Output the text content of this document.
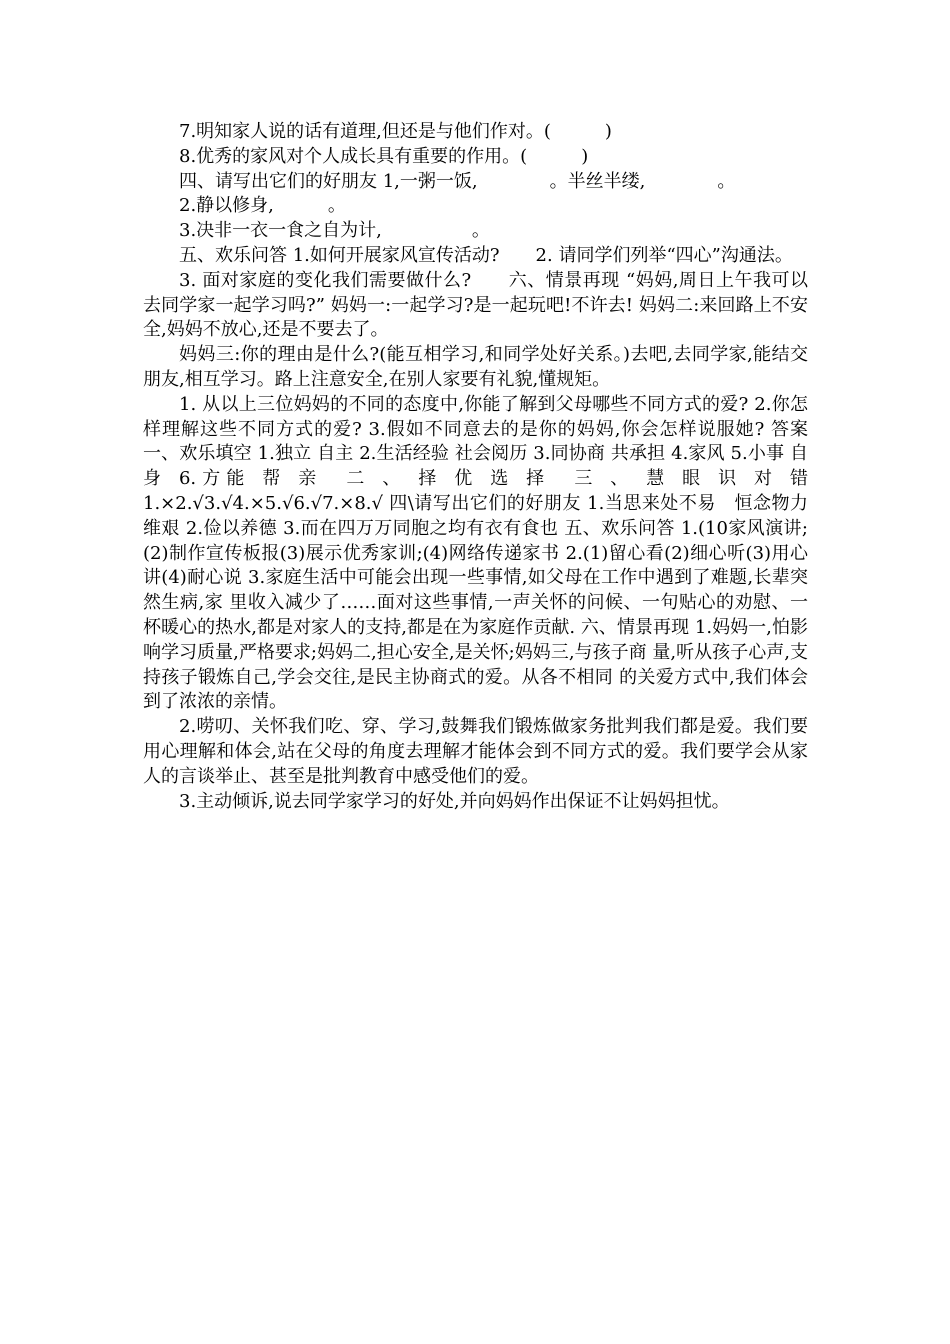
7.明知家人说的话有道理,但还是与他们作对。(　　　)

8.优秀的家风对个人成长具有重要的作用。(　　　)

四、请写出它们的好朋友 1,一粥一饭,　　　　。半丝半缕,　　　　。

2.静以修身,　　　。

3.决非一衣一食之自为计,　　　　　。

五、欢乐问答 1.如何开展家风宣传活动?　　2. 请同学们列举“四心”沟通法。

3. 面对家庭的变化我们需要做什么?　　六、情景再现 “妈妈,周日上午我可以去同学家一起学习吗?” 妈妈一:一起学习?是一起玩吧!不许去! 妈妈二:来回路上不安全,妈妈不放心,还是不要去了。

妈妈三:你的理由是什么?(能互相学习,和同学处好关系。)去吧,去同学家,能结交朋友,相互学习。路上注意安全,在别人家要有礼貌,懂规矩。

1. 从以上三位妈妈的不同的态度中,你能了解到父母哪些不同方式的爱? 2.你怎样理解这些不同方式的爱? 3.假如不同意去的是你的妈妈,你会怎样说服她? 答案 一、欢乐填空 1.独立 自主 2.生活经验 社会阅历 3.同协商 共承担 4.家风 5.小事 自身 6.方能 帮 亲　二 、 择 优 选 择　三 、 慧 眼 识 对 错 1.×2.√3.√4.×5.√6.√7.×8.√ 四\请写出它们的好朋友 1.当思来处不易　恒念物力维艰 2.俭以养德 3.而在四万万同胞之均有衣有食也 五、欢乐问答 1.(10家风演讲;(2)制作宣传板报(3)展示优秀家训;(4)网络传递家书 2.(1)留心看(2)细心听(3)用心讲(4)耐心说 3.家庭生活中可能会出现一些事情,如父母在工作中遇到了难题,长辈突然生病,家 里收入减少了……面对这些事情,一声关怀的问候、一句贴心的劝慰、一杯暖心的热水,都是对家人的支持,都是在为家庭作贡献. 六、情景再现 1.妈妈一,怕影响学习质量,严格要求;妈妈二,担心安全,是关怀;妈妈三,与孩子商 量,听从孩子心声,支持孩子锻炼自己,学会交往,是民主协商式的爱。从各不相同 的关爱方式中,我们体会到了浓浓的亲情。

2.唠叨、关怀我们吃、穿、学习,鼓舞我们锻炼做家务批判我们都是爱。我们要用心理解和体会,站在父母的角度去理解才能体会到不同方式的爱。我们要学会从家人的言谈举止、甚至是批判教育中感受他们的爱。

3.主动倾诉,说去同学家学习的好处,并向妈妈作出保证不让妈妈担忧。
